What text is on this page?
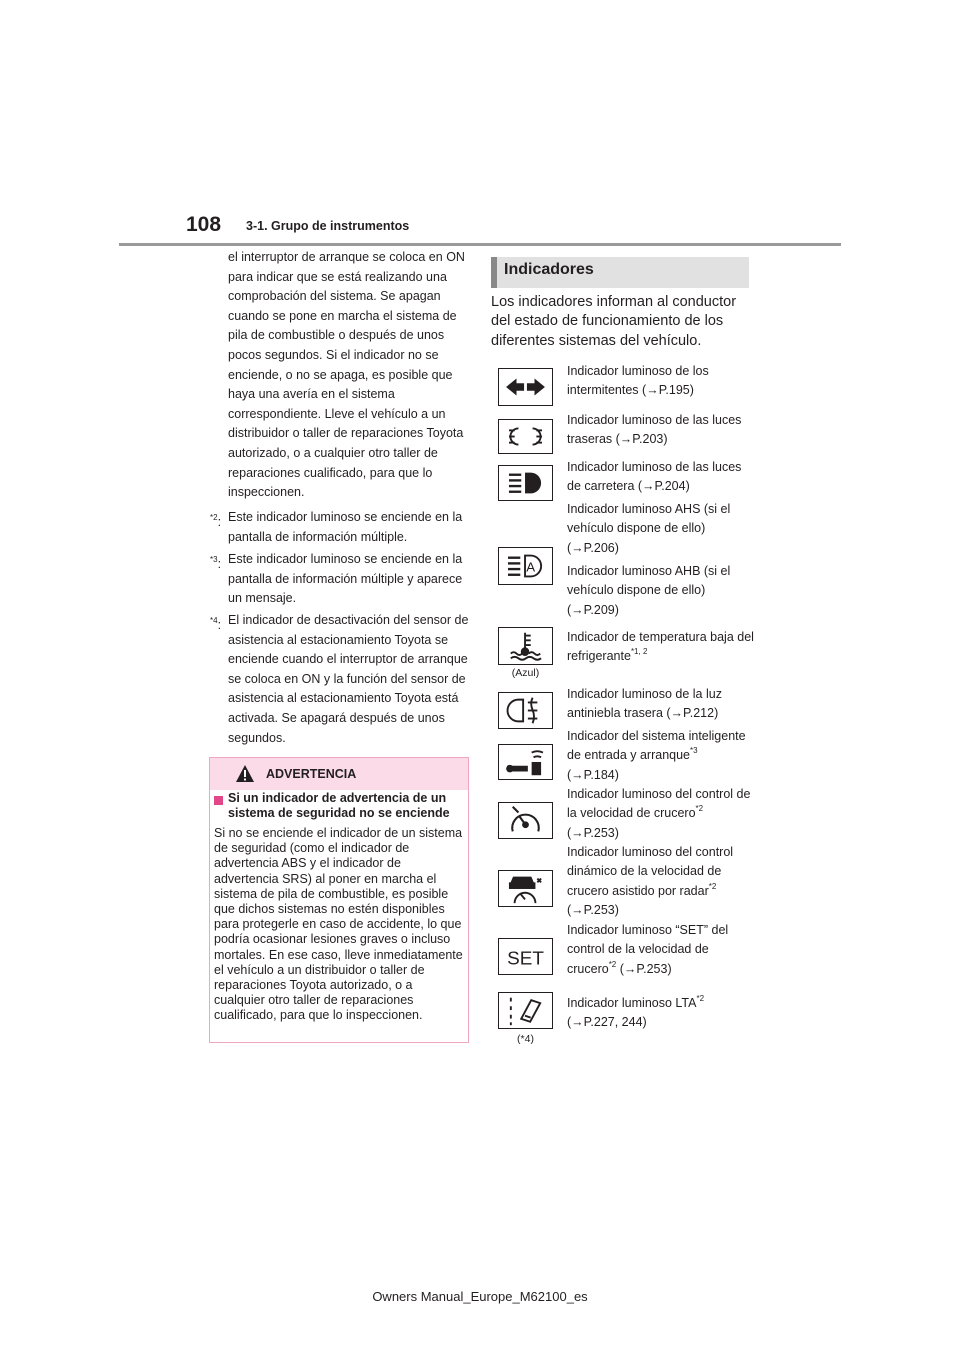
108 3-1. Grupo de instrumentos
el interruptor de arranque se coloca en ON para indicar que se está realizando una comprobación del sistema. Se apagan cuando se pone en marcha el sistema de pila de combustible o después de unos pocos segundos. Si el indicador no se enciende, o no se apaga, es posible que haya una avería en el sistema correspondiente. Lleve el vehículo a un distribuidor o taller de reparaciones Toyota autorizado, o a cualquier otro taller de reparaciones cualificado, para que lo inspeccionen.
$^{*2}$: Este indicador luminoso se enciende en la pantalla de información múltiple.
$^{*3}$: Este indicador luminoso se enciende en la pantalla de información múltiple y aparece un mensaje.
$^{*4}$: El indicador de desactivación del sensor de asistencia al estacionamiento Toyota se enciende cuando el interruptor de arranque se coloca en ON y la función del sensor de asistencia al estacionamiento Toyota está activada. Se apagará después de unos segundos.
ADVERTENCIA
Si un indicador de advertencia de un sistema de seguridad no se enciende
Si no se enciende el indicador de un sistema de seguridad (como el indicador de advertencia ABS y el indicador de advertencia SRS) al poner en marcha el sistema de pila de combustible, es posible que dichos sistemas no estén disponibles para protegerle en caso de accidente, lo que podría ocasionar lesiones graves o incluso mortales. En ese caso, lleve inmediatamente el vehículo a un distribuidor o taller de reparaciones Toyota autorizado, o a cualquier otro taller de reparaciones cualificado, para que lo inspeccionen.
Indicadores
Los indicadores informan al conductor del estado de funcionamiento de los diferentes sistemas del vehículo.
Indicador luminoso de los intermitentes (→P.195)
Indicador luminoso de las luces traseras (→P.203)
Indicador luminoso de las luces de carretera (→P.204)
A
Indicador luminoso AHS (si el vehículo dispone de ello) (→P.206)
Indicador luminoso AHB (si el vehículo dispone de ello) (→P.209)
(Azul)
Indicador de temperatura baja del refrigerante$^{*1, 2}$
Indicador luminoso de la luz antiniebla trasera (→P.212)
Indicador del sistema inteligente de entrada y arranque$^{*3}$
(→P.184)
Indicador luminoso del control de la velocidad de crucero$^{*2}$
(→P.253)
Indicador luminoso del control dinámico de la velocidad de crucero asistido por radar$^{*2}$
(→P.253)
SET
Indicador luminoso “SET” del control de la velocidad de crucero$^{*2}$ (→P.253)
(*4)
Indicador luminoso LTA$^{*2}$
(→P.227, 244)
Owners Manual_Europe_M62100_es
